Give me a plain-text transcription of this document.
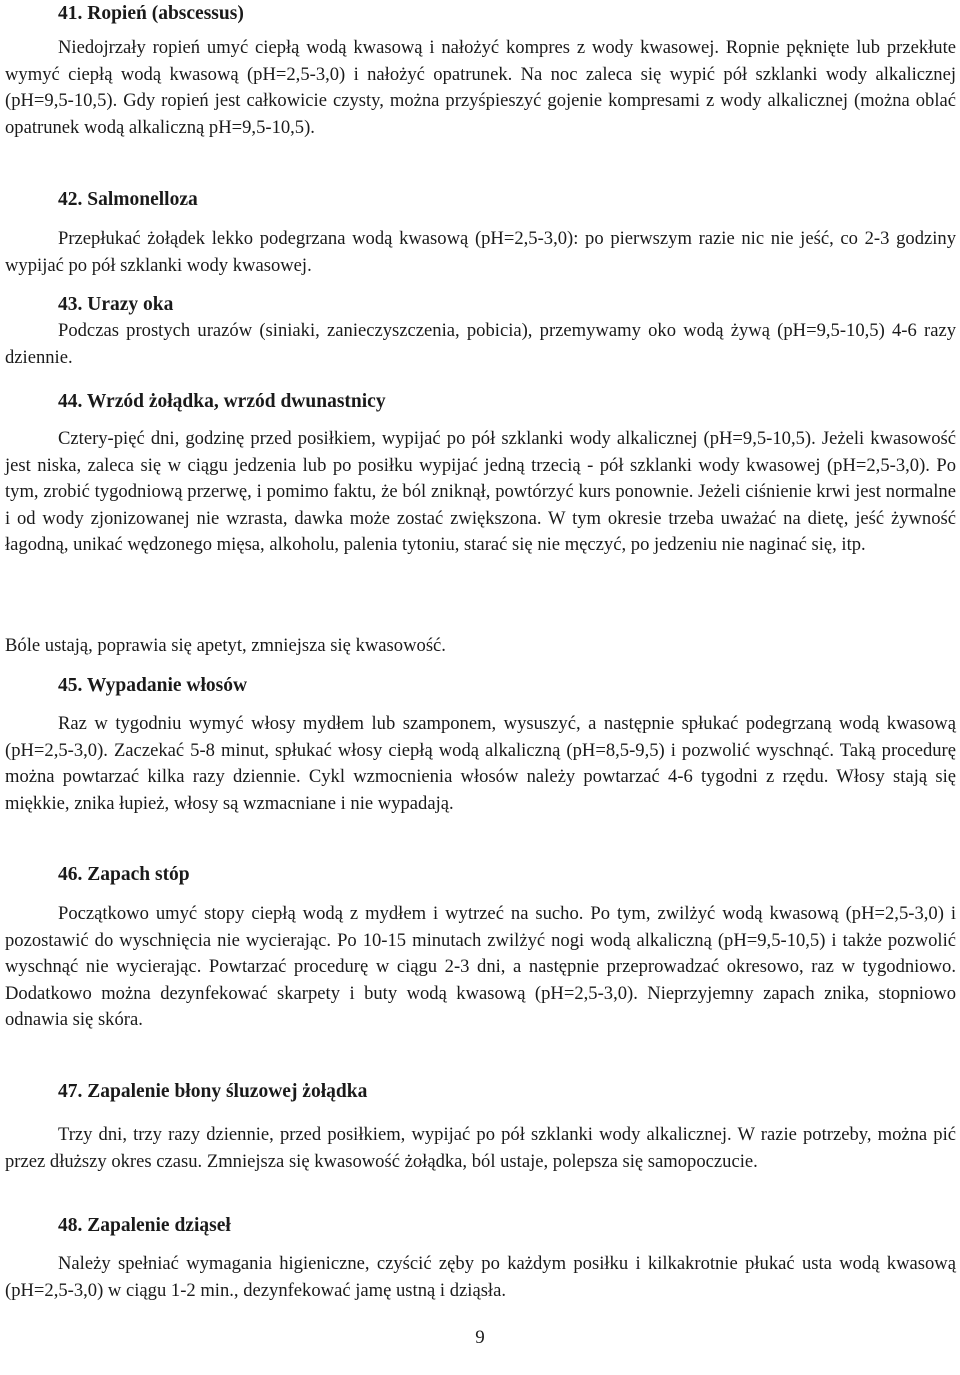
41. Ropień (abscessus)

Niedojrzały ropień umyć ciepłą wodą kwasową i nałożyć kompres z wody kwasowej. Ropnie pęknięte lub przekłute wymyć ciepłą wodą kwasową (pH=2,5-3,0) i nałożyć opatrunek. Na noc zaleca się wypić pół szklanki wody alkalicznej (pH=9,5-10,5). Gdy ropień jest całkowicie czysty, można przyśpieszyć gojenie kompresami z wody alkalicznej (można oblać opatrunek wodą alkaliczną pH=9,5-10,5).

42. Salmonelloza

Przepłukać żołądek lekko podegrzana wodą kwasową (pH=2,5-3,0): po pierwszym razie nic nie jeść, co 2-3 godziny wypijać po pół szklanki wody kwasowej.

43. Urazy oka

Podczas prostych urazów (siniaki, zanieczyszczenia, pobicia), przemywamy oko wodą żywą (pH=9,5-10,5) 4-6 razy dziennie.

44. Wrzód żołądka, wrzód dwunastnicy

Cztery-pięć dni, godzinę przed posiłkiem, wypijać po pół szklanki wody alkalicznej (pH=9,5-10,5). Jeżeli kwasowość jest niska, zaleca się w ciągu jedzenia lub po posiłku wypijać jedną trzecią - pół szklanki wody kwasowej (pH=2,5-3,0). Po tym, zrobić tygodniową przerwę, i pomimo faktu, że ból zniknął, powtórzyć kurs ponownie. Jeżeli ciśnienie krwi jest normalne i od wody zjonizowanej nie wzrasta, dawka może zostać zwiększona. W tym okresie trzeba uważać na dietę, jeść żywność łagodną, unikać wędzonego mięsa, alkoholu, palenia tytoniu, starać się nie męczyć, po jedzeniu nie naginać się, itp.

Bóle ustają, poprawia się apetyt, zmniejsza się kwasowość.

45. Wypadanie włosów

Raz w tygodniu wymyć włosy mydłem lub szamponem, wysuszyć, a następnie spłukać podegrzaną wodą kwasową (pH=2,5-3,0). Zaczekać 5-8 minut, spłukać włosy ciepłą wodą alkaliczną (pH=8,5-9,5) i pozwolić wyschnąć. Taką procedurę można powtarzać kilka razy dziennie. Cykl wzmocnienia włosów należy powtarzać 4-6 tygodni z rzędu. Włosy stają się miękkie, znika łupież, włosy są wzmacniane i nie wypadają.

46. Zapach stóp

Początkowo umyć stopy ciepłą wodą z mydłem i wytrzeć na sucho. Po tym, zwilżyć wodą kwasową (pH=2,5-3,0) i pozostawić do wyschnięcia nie wycierając. Po 10-15 minutach zwilżyć nogi wodą alkaliczną (pH=9,5-10,5) i także pozwolić wyschnąć nie wycierając. Powtarzać procedurę w ciągu 2-3 dni, a następnie przeprowadzać okresowo, raz w tygodniowo. Dodatkowo można dezynfekować skarpety i buty wodą kwasową (pH=2,5-3,0). Nieprzyjemny zapach znika, stopniowo odnawia się skóra.

47. Zapalenie błony śluzowej żołądka

Trzy dni, trzy razy dziennie, przed posiłkiem, wypijać po pół szklanki wody alkalicznej. W razie potrzeby, można pić przez dłuższy okres czasu. Zmniejsza się kwasowość żołądka, ból ustaje, polepsza się samopoczucie.

48. Zapalenie dziąseł

Należy spełniać wymagania higieniczne, czyścić zęby po każdym posiłku i kilkakrotnie płukać usta wodą kwasową (pH=2,5-3,0) w ciągu 1-2 min., dezynfekować jamę ustną i dziąsła.

9
